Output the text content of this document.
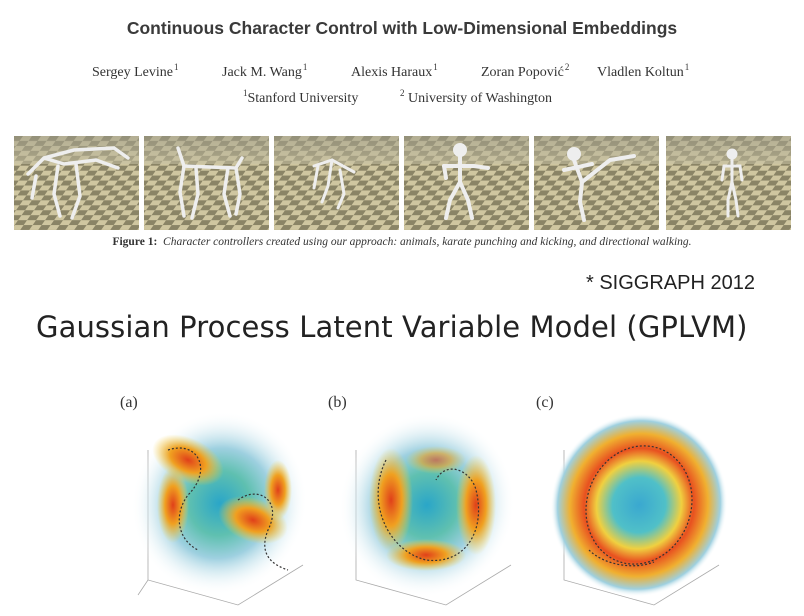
Continuous Character Control with Low-Dimensional Embeddings
Sergey Levine$^1$	Jack M. Wang$^1$	Alexis Haraux$^1$	Zoran Popović$^2$ Vladlen Koltun$^1$
$^1$Stanford University	$^2$ University of Washington
Figure 1: Character controllers created using our approach: animals, karate punching and kicking, and directional walking.
* SIGGRAPH 2012
Gaussian Process Latent Variable Model (GPLVM)
(a)	(b)	(c)
